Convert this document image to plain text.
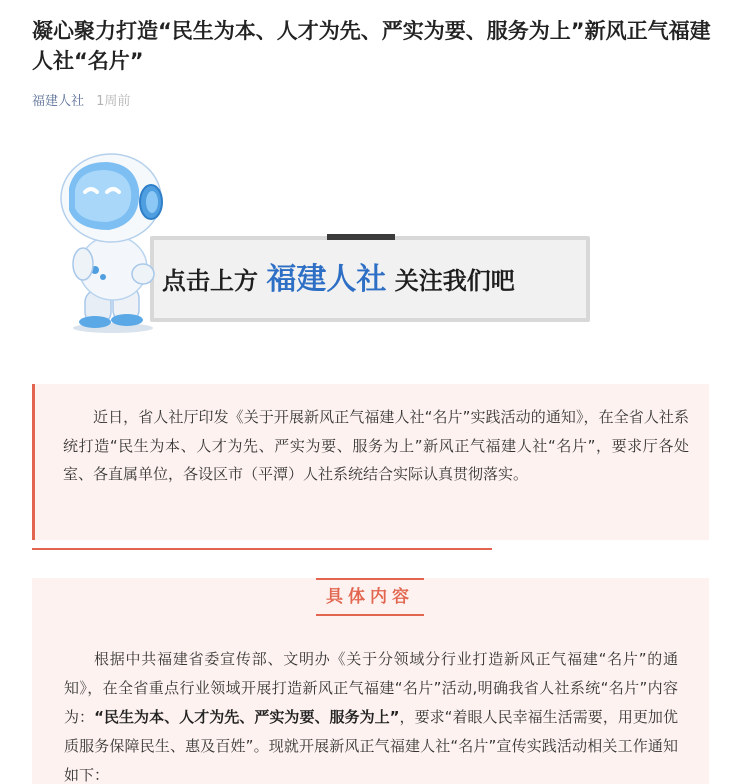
凝心聚力打造“民生为本、人才为先、严实为要、服务为上”新风正气福建人社“名片”
福建人社 1周前
点击上方 福建人社 关注我们吧

近日，省人社厅印发《关于开展新风正气福建人社“名片”实践活动的通知》，在全省人社系统打造“民生为本、人才为先、严实为要、服务为上”新风正气福建人社“名片”，要求厅各处室、各直属单位，各设区市（平潭）人社系统结合实际认真贯彻落实。

具体内容

根据中共福建省委宣传部、文明办《关于分领域分行业打造新风正气福建“名片”的通知》，在全省重点行业领域开展打造新风正气福建“名片”活动,明确我省人社系统“名片”内容为：“民生为本、人才为先、严实为要、服务为上”，要求“着眼人民幸福生活需要，用更加优质服务保障民生、惠及百姓”。现就开展新风正气福建人社“名片”宣传实践活动相关工作通知如下：
